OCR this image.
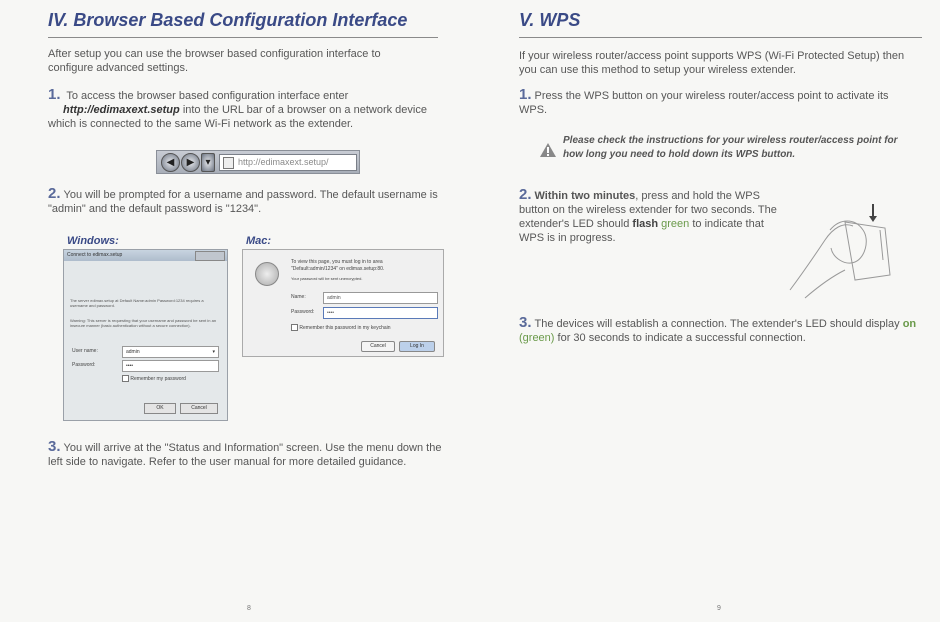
IV. Browser Based Configuration Interface

After setup you can use the browser based configuration interface to configure advanced settings.

1. To access the browser based configuration interface enter
http://edimaxext.setup into the URL bar of a browser on a network device which is connected to the same Wi-Fi network as the extender.

◀	▶	▾	http://edimaxext.setup/

2. You will be prompted for a username and password. The default username is "admin" and the default password is "1234".

Windows:	Mac:
Connect to edimax.setup
The server edimax.setup at Default Name:admin Password:1234 requires a username and password.
Warning: This server is requesting that your username and password be sent in an insecure manner (basic authentication without a secure connection).
User name:	admin	▾
Password:	••••
Remember my password
OK	Cancel
To view this page, you must log in to area
"Default:admin/1234" on edimax.setup:80.
Your password will be sent unencrypted.
Name:	admin
Password:	••••
Remember this password in my keychain
Cancel	Log In

3. You will arrive at the "Status and Information" screen. Use the menu down the left side to navigate. Refer to the user manual for more detailed guidance.

8
V. WPS

If your wireless router/access point supports WPS (Wi-Fi Protected Setup) then you can use this method to setup your wireless extender.

1. Press the WPS button on your wireless router/access point to activate its WPS.

Please check the instructions for your wireless router/access point for how long you need to hold down its WPS button.

2. Within two minutes, press and hold the WPS button on the wireless extender for two seconds. The extender's LED should flash green to indicate that WPS is in progress.

3. The devices will establish a connection. The extender's LED should display on (green) for 30 seconds to indicate a successful connection.

9
